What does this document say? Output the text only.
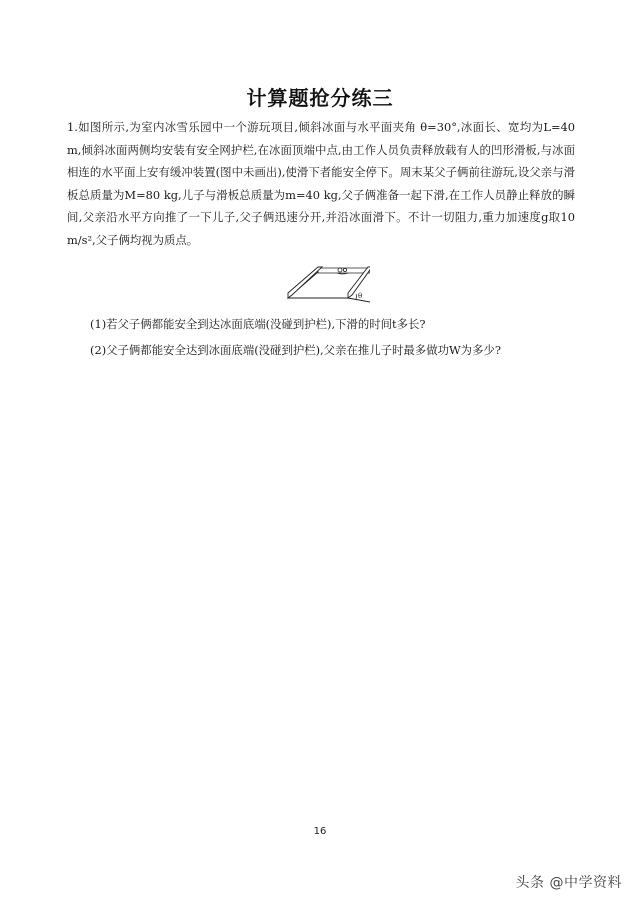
计算题抢分练三
1.如图所示,为室内冰雪乐园中一个游玩项目,倾斜冰面与水平面夹角 θ=30°,冰面长、宽均为L=40 m,倾斜冰面两侧均安装有安全网护栏,在冰面顶端中点,由工作人员负责释放载有人的凹形滑板,与冰面相连的水平面上安有缓冲装置(图中未画出),使滑下者能安全停下。周末某父子俩前往游玩,设父亲与滑板总质量为M=80 kg,儿子与滑板总质量为m=40 kg,父子俩准备一起下滑,在工作人员静止释放的瞬间,父亲沿水平方向推了一下儿子,父子俩迅速分开,并沿冰面滑下。不计一切阻力,重力加速度g取10 m/s²,父子俩均视为质点。
θ
(1)若父子俩都能安全到达冰面底端(没碰到护栏),下滑的时间t多长?
(2)父子俩都能安全达到冰面底端(没碰到护栏),父亲在推儿子时最多做功W为多少?
16
头条 @中学资料
